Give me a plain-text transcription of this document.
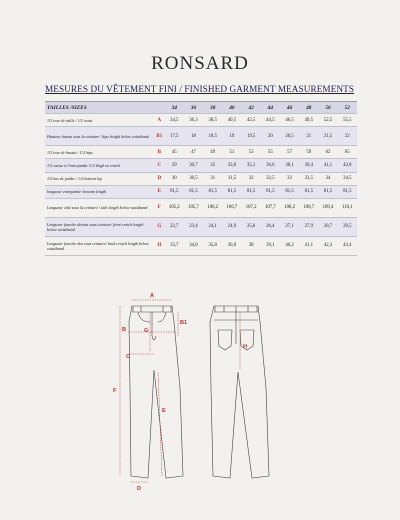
RONSARD
MESURES DU VÊTEMENT FINI / FINISHED GARMENT MEASUREMENTS
TAILLES /SIZES		34	36	38	40	42	44	46	48	50	52
1/2 tour de taille / 1/2 waist	A	34,5	36,3	38,5	40,5	42,5	44,5	46,5	49,5	52,5	55,5
Hauteur bassin sous la ceinture / hips height below waistband	B1	17,5	18	18,5	19	19,5	20	20,5	21	21,5	22
1/2 tour de bassin / 1/2 hips	B	45	47	49	51	53	55	57	59	62	65
1/2 cuisse à l'entrejambe /1/2 thigh at crotch	C	29	30,7	32	33,6	35,1	36,6	38,1	39,4	41,1	42,8
1/2 bas de jambe / 1/2 bottom leg	D	30	30,5	31	31,5	32	32,5	33	33,5	34	34,5
longueur entrejambe /inseam length	E	81,5	81,5	81,5	81,5	81,5	81,5	81,5	81,5	81,5	81,5
Longueur côté sous la ceinture / side length below waistband	F	105,2	105,7	106,2	106,7	107,2	107,7	108,2	108,7	109,4	110,1
Longueur fourche devant sous ceinture/ front crotch length below waistband	G	22,7	23,4	24,1	24,9	25,6	26,4	27,1	27,9	28,7	29,5
Longueur fourche dos sous ceinture/ back crotch length below waistband	H	33,7	34,8	35,8	36,9	38	39,1	40,2	41,1	42,3	43,4
A
B1
B
C
D
E
F
G
H
